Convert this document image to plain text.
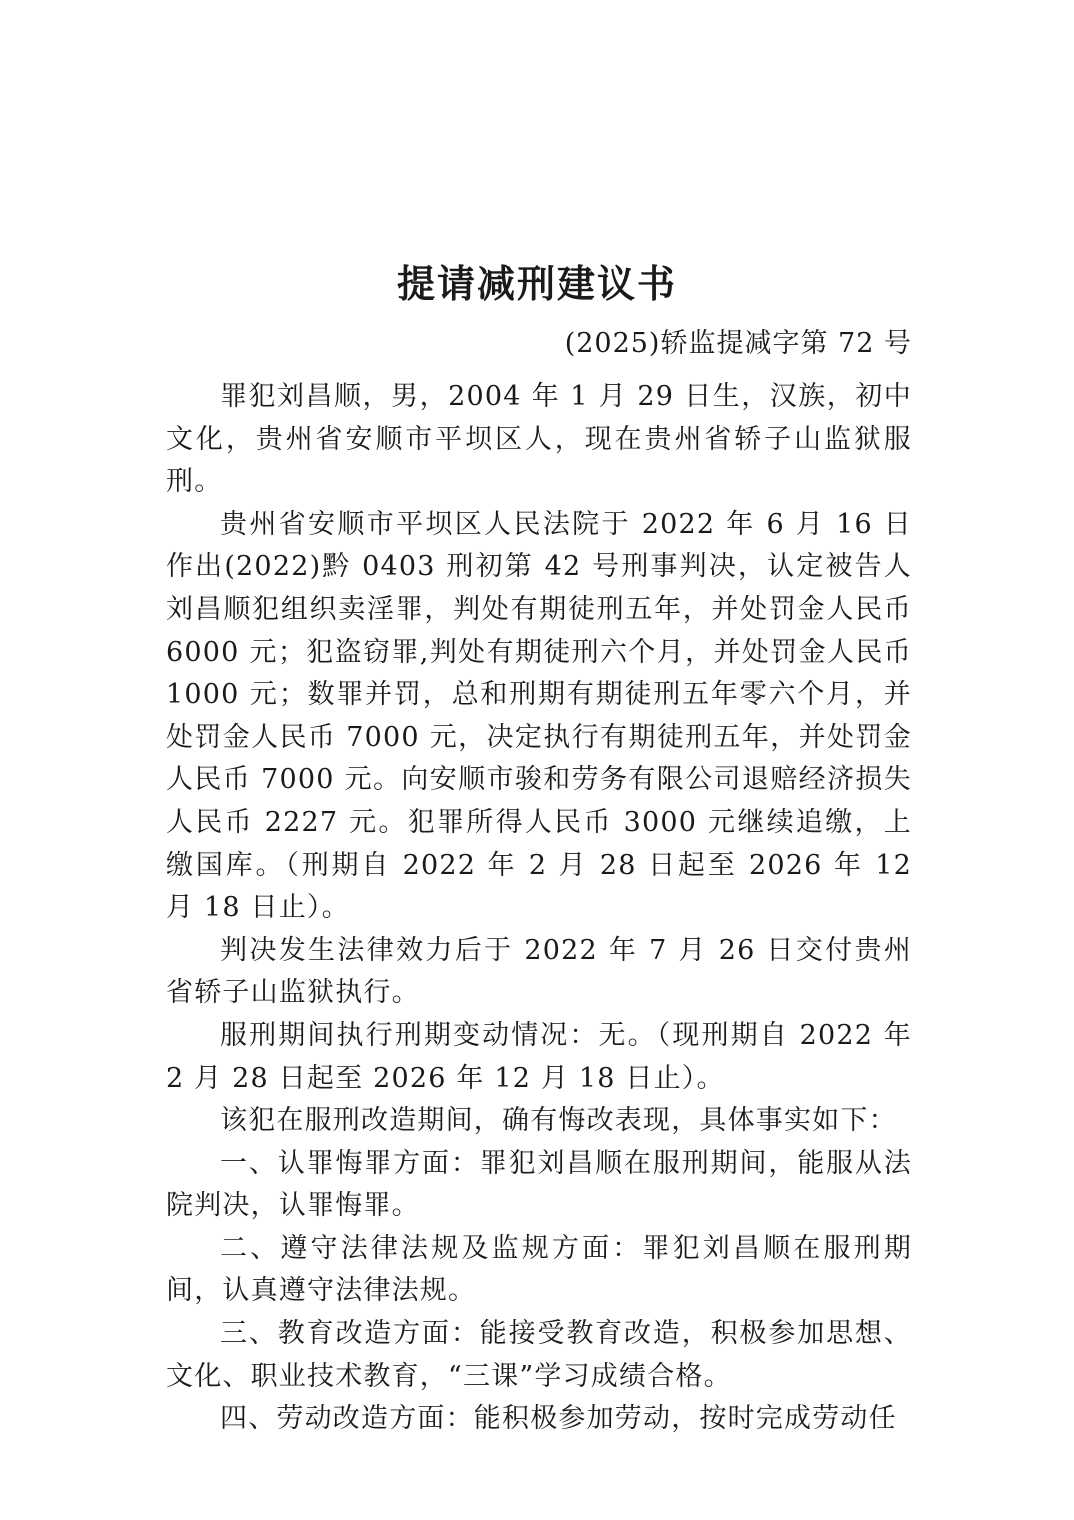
提请减刑建议书
(2025)轿监提减字第 72 号

罪犯刘昌顺，男，2004 年 1 月 29 日生，汉族，初中文化，贵州省安顺市平坝区人，现在贵州省轿子山监狱服刑。

贵州省安顺市平坝区人民法院于 2022 年 6 月 16 日作出(2022)黔 0403 刑初第 42 号刑事判决，认定被告人刘昌顺犯组织卖淫罪，判处有期徒刑五年，并处罚金人民币 6000 元；犯盗窃罪,判处有期徒刑六个月，并处罚金人民币 1000 元；数罪并罚，总和刑期有期徒刑五年零六个月，并处罚金人民币 7000 元，决定执行有期徒刑五年，并处罚金人民币 7000 元。向安顺市骏和劳务有限公司退赔经济损失人民币 2227 元。犯罪所得人民币 3000 元继续追缴，上缴国库。（刑期自 2022 年 2 月 28 日起至 2026 年 12 月 18 日止）。

判决发生法律效力后于 2022 年 7 月 26 日交付贵州省轿子山监狱执行。

服刑期间执行刑期变动情况：无。（现刑期自 2022 年 2 月 28 日起至 2026 年 12 月 18 日止）。

该犯在服刑改造期间，确有悔改表现，具体事实如下：

一、认罪悔罪方面：罪犯刘昌顺在服刑期间，能服从法院判决，认罪悔罪。

二、遵守法律法规及监规方面：罪犯刘昌顺在服刑期间，认真遵守法律法规。

三、教育改造方面：能接受教育改造，积极参加思想、文化、职业技术教育，“三课”学习成绩合格。

四、劳动改造方面：能积极参加劳动，按时完成劳动任
